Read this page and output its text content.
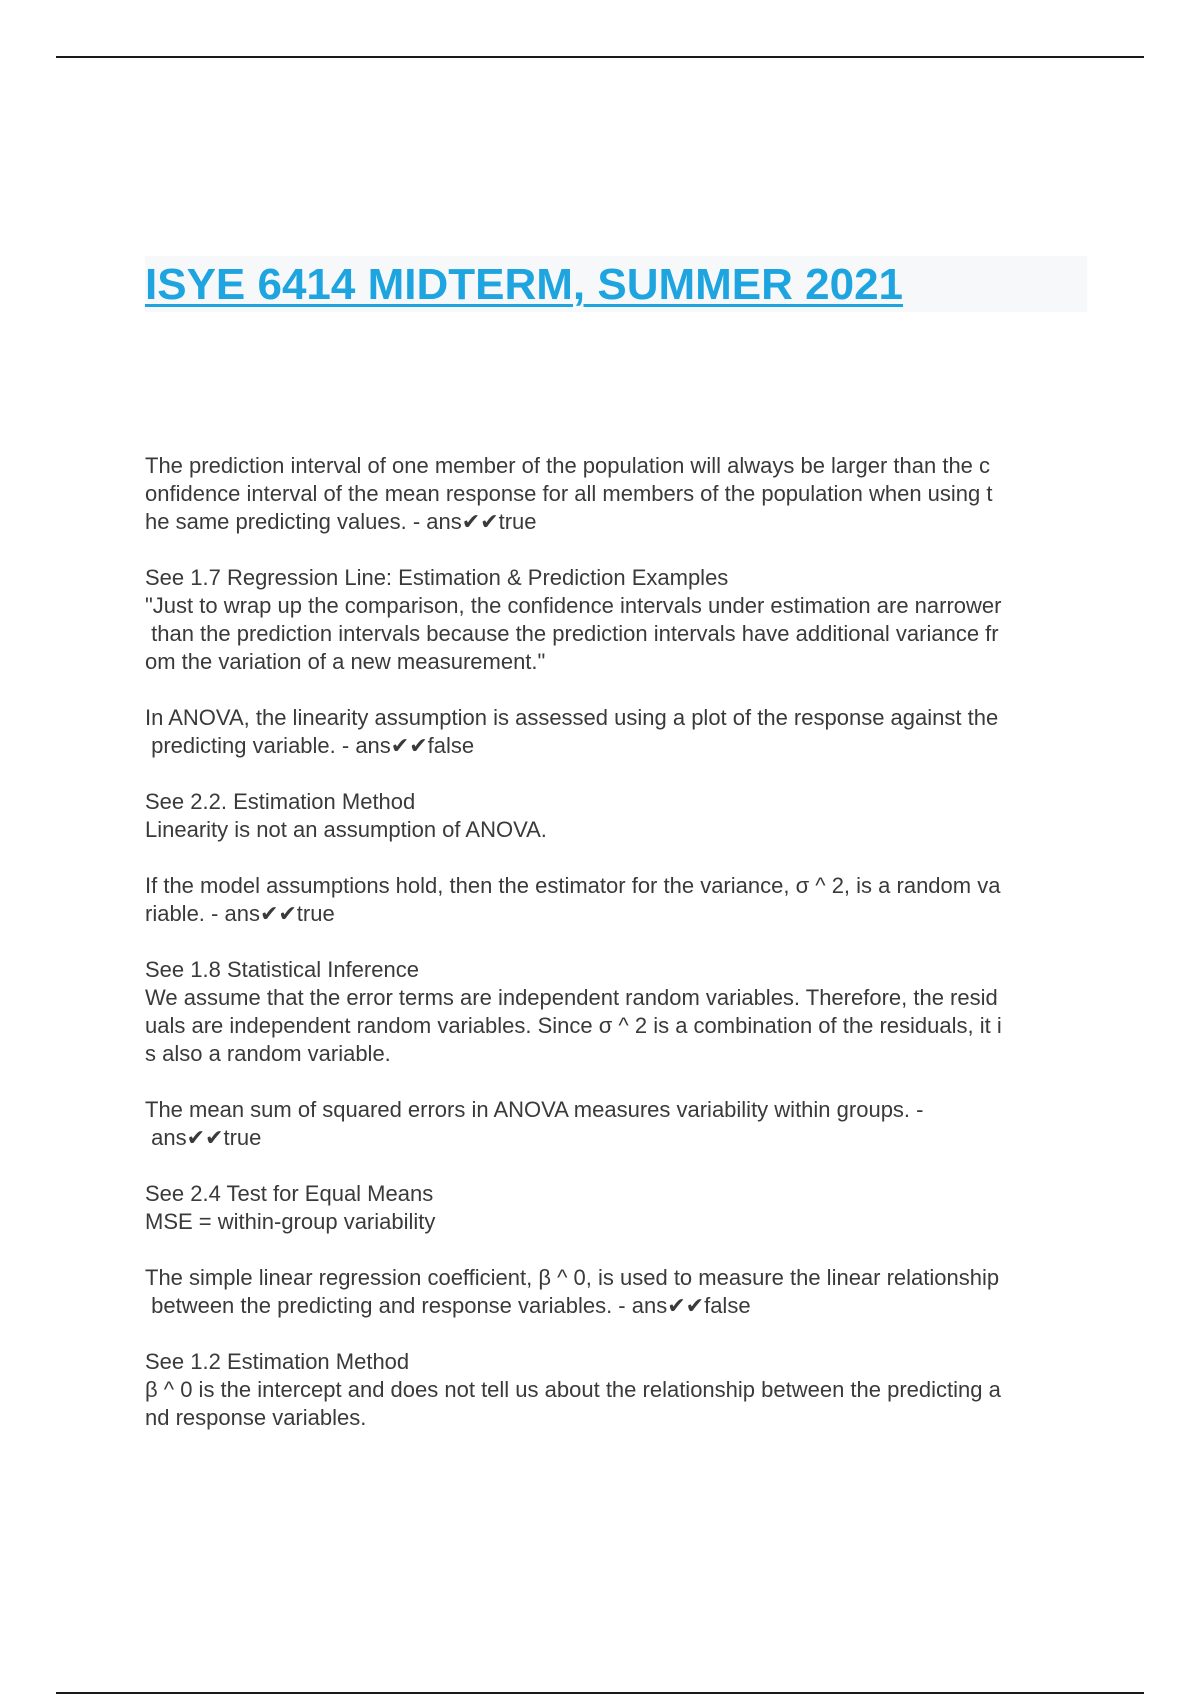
ISYE 6414 MIDTERM, SUMMER 2021
The prediction interval of one member of the population will always be larger than the c
onfidence interval of the mean response for all members of the population when using t
he same predicting values. - ans✔✔true
See 1.7 Regression Line: Estimation & Prediction Examples
"Just to wrap up the comparison, the confidence intervals under estimation are narrower
than the prediction intervals because the prediction intervals have additional variance fr
om the variation of a new measurement."
In ANOVA, the linearity assumption is assessed using a plot of the response against the
predicting variable. - ans✔✔false
See 2.2. Estimation Method
Linearity is not an assumption of ANOVA.
If the model assumptions hold, then the estimator for the variance, σ ^ 2, is a random va
riable. - ans✔✔true
See 1.8 Statistical Inference
We assume that the error terms are independent random variables. Therefore, the resid
uals are independent random variables. Since σ ^ 2 is a combination of the residuals, it i
s also a random variable.
The mean sum of squared errors in ANOVA measures variability within groups. -
ans✔✔true
See 2.4 Test for Equal Means
MSE = within-group variability
The simple linear regression coefficient, β ^ 0, is used to measure the linear relationship
between the predicting and response variables. - ans✔✔false
See 1.2 Estimation Method
β ^ 0 is the intercept and does not tell us about the relationship between the predicting a
nd response variables.
